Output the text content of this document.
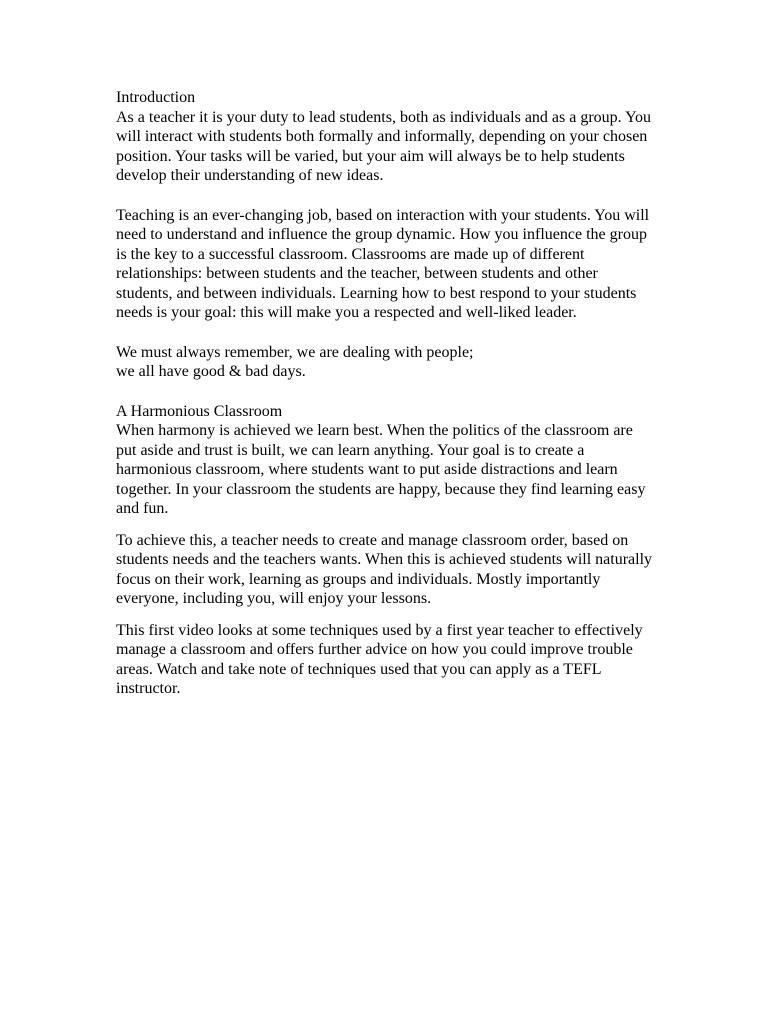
Introduction

As a teacher it is your duty to lead students, both as individuals and as a group. You will interact with students both formally and informally, depending on your chosen position. Your tasks will be varied, but your aim will always be to help students develop their understanding of new ideas.

Teaching is an ever-changing job, based on interaction with your students. You will need to understand and influence the group dynamic. How you influence the group is the key to a successful classroom. Classrooms are made up of different relationships: between students and the teacher, between students and other students, and between individuals. Learning how to best respond to your students needs is your goal: this will make you a respected and well-liked leader.

We must always remember, we are dealing with people;

we all have good & bad days.

A Harmonious Classroom

When harmony is achieved we learn best. When the politics of the classroom are put aside and trust is built, we can learn anything. Your goal is to create a harmonious classroom, where students want to put aside distractions and learn together. In your classroom the students are happy, because they find learning easy and fun.

To achieve this, a teacher needs to create and manage classroom order, based on students needs and the teachers wants. When this is achieved students will naturally focus on their work, learning as groups and individuals. Mostly importantly everyone, including you, will enjoy your lessons.

This first video looks at some techniques used by a first year teacher to effectively manage a classroom and offers further advice on how you could improve trouble areas. Watch and take note of techniques used that you can apply as a TEFL instructor.
